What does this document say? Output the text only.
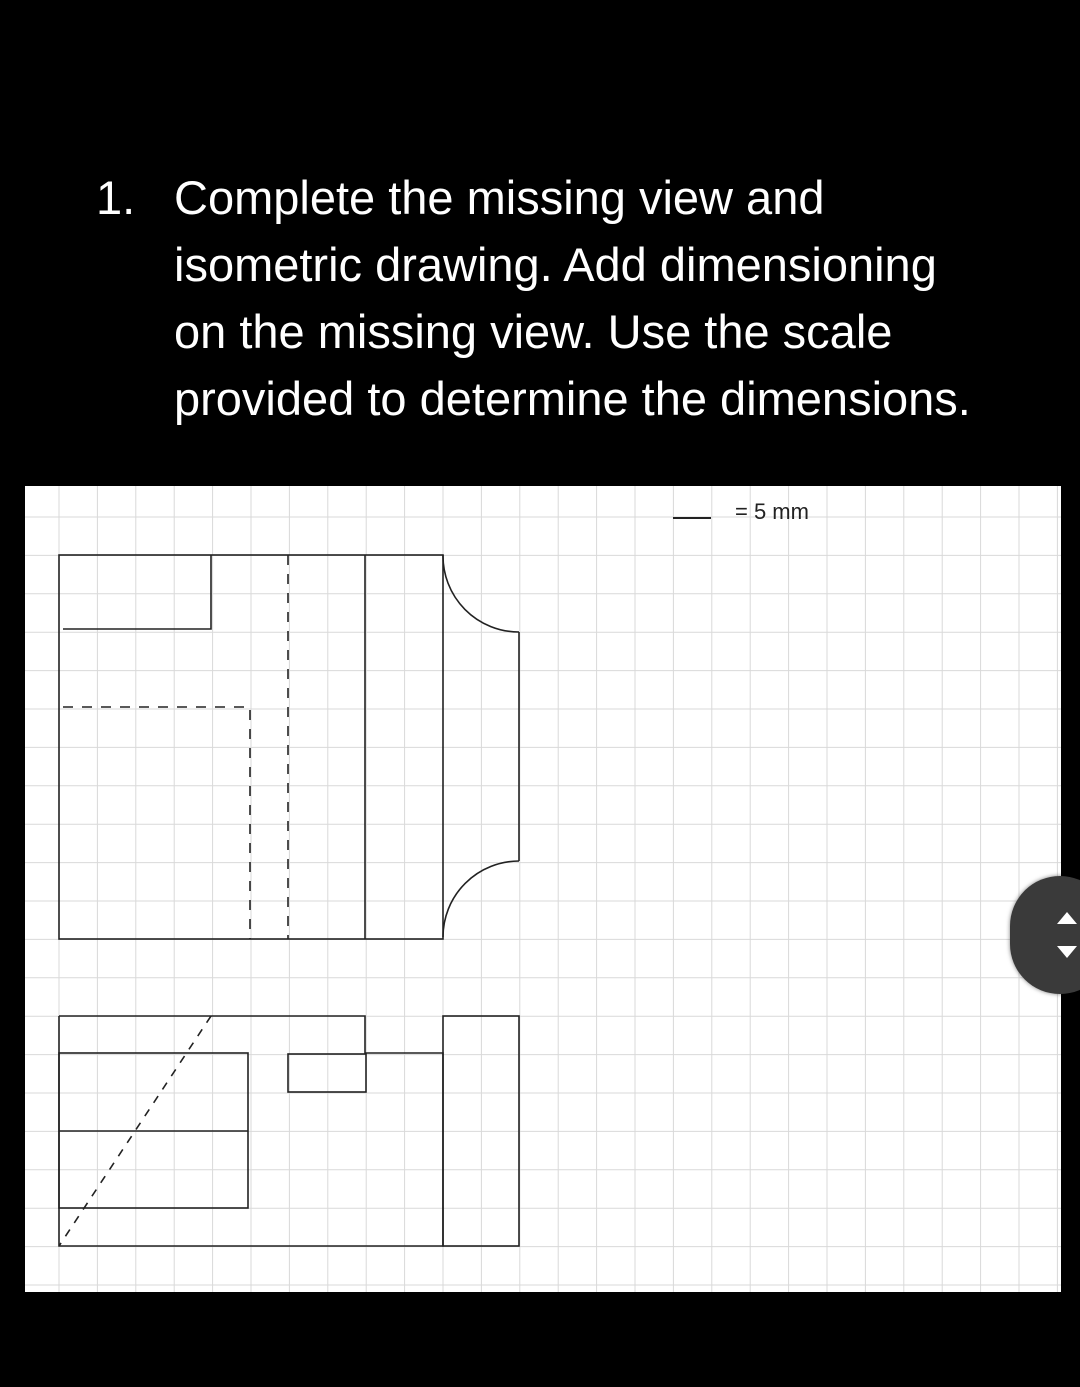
1. Complete the missing view and
isometric drawing. Add dimensioning
on the missing view. Use the scale
provided to determine the dimensions.
= 5 mm
